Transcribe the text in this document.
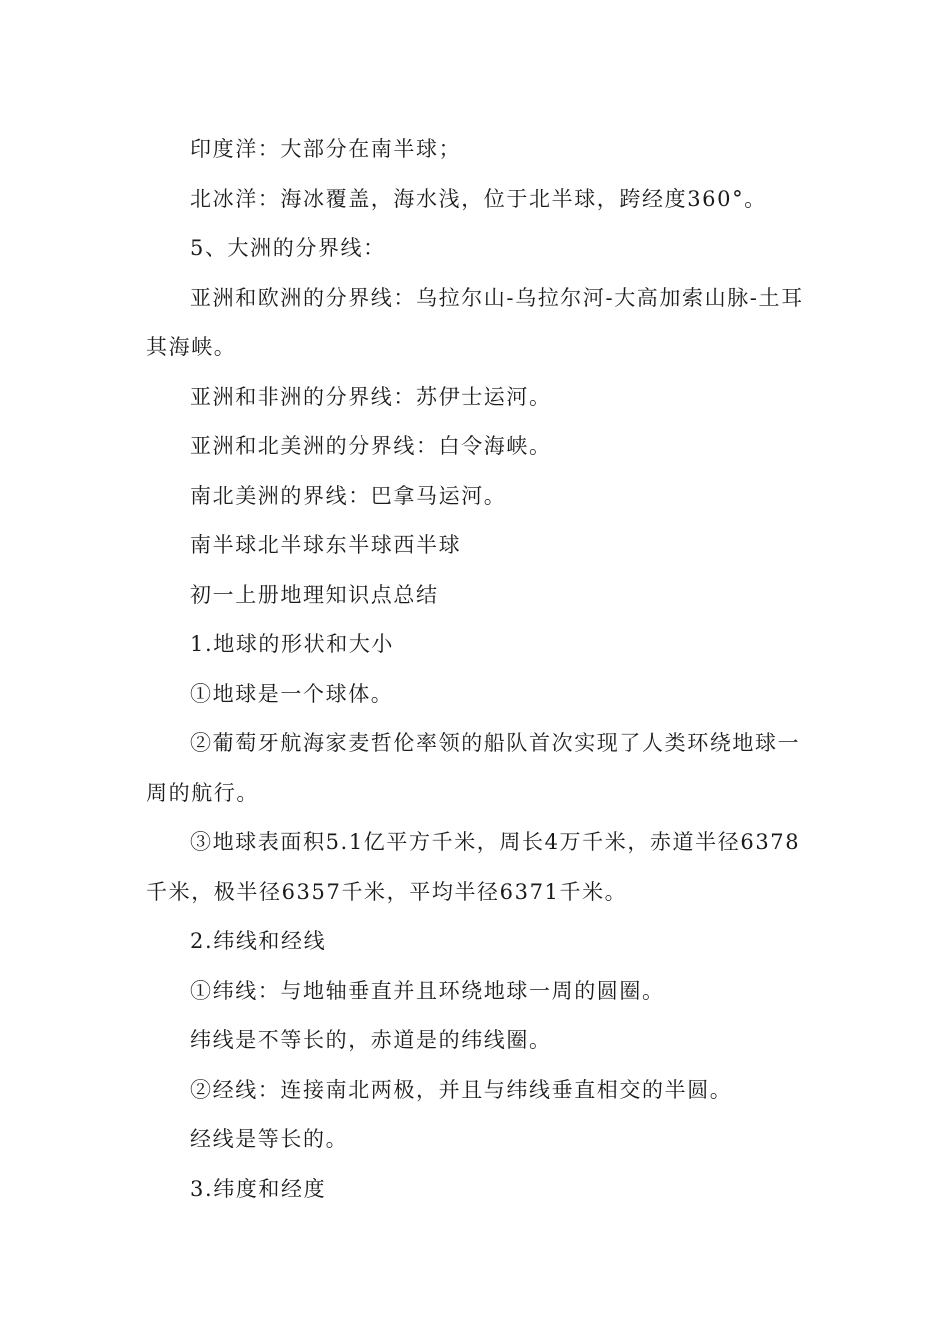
印度洋：大部分在南半球；

北冰洋：海冰覆盖，海水浅，位于北半球，跨经度360°。

5、大洲的分界线：

亚洲和欧洲的分界线：乌拉尔山-乌拉尔河-大高加索山脉-土耳其海峡。

亚洲和非洲的分界线：苏伊士运河。

亚洲和北美洲的分界线：白令海峡。

南北美洲的界线：巴拿马运河。

南半球北半球东半球西半球

初一上册地理知识点总结

1.地球的形状和大小

①地球是一个球体。

②葡萄牙航海家麦哲伦率领的船队首次实现了人类环绕地球一周的航行。

③地球表面积5.1亿平方千米，周长4万千米，赤道半径6378千米，极半径6357千米，平均半径6371千米。

2.纬线和经线

①纬线：与地轴垂直并且环绕地球一周的圆圈。

纬线是不等长的，赤道是的纬线圈。

②经线：连接南北两极，并且与纬线垂直相交的半圆。

经线是等长的。

3.纬度和经度
